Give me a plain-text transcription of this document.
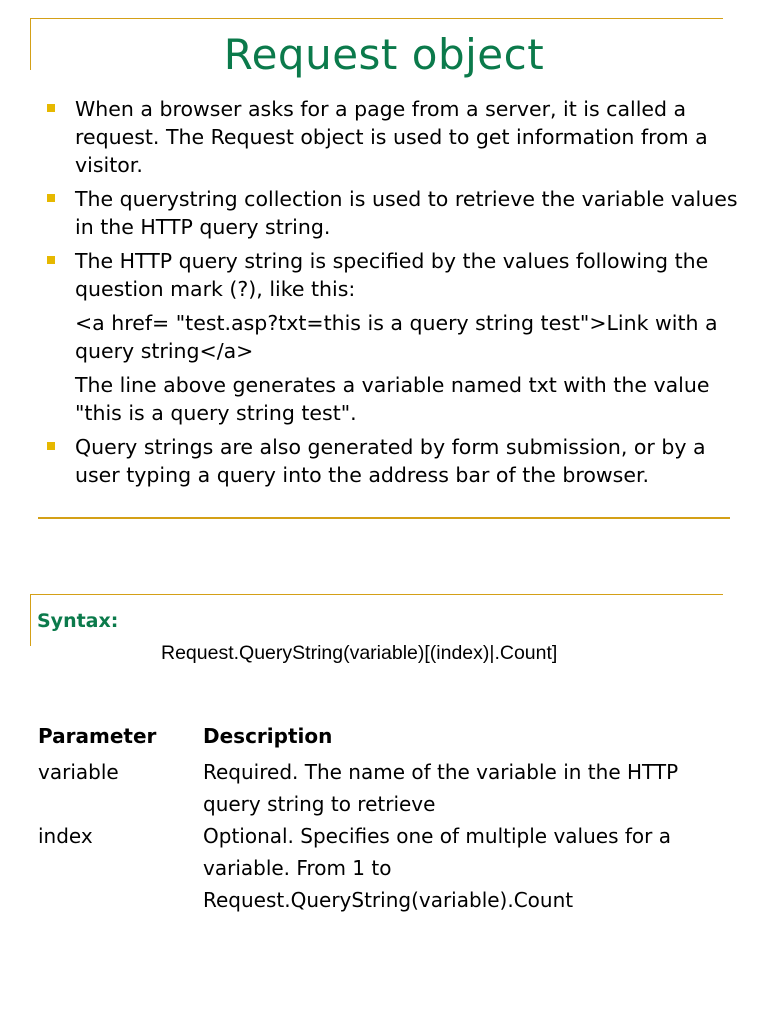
Request object
When a browser asks for a page from a server, it is called a request. The Request object is used to get information from a visitor.
The querystring collection is used to retrieve the variable values in the HTTP query string.
The HTTP query string is specified by the values following the question mark (?), like this:
<a href= "test.asp?txt=this is a query string test">Link with a query string</a>
The line above generates a variable named txt with the value "this is a query string test".
Query strings are also generated by form submission, or by a user typing a query into the address bar of the browser.
Syntax:
Request.QueryString(variable)[(index)|.Count]
Parameter	Description
variable	Required. The name of the variable in the HTTP query string to retrieve
index	Optional. Specifies one of multiple values for a variable. From 1 to Request.QueryString(variable).Count
